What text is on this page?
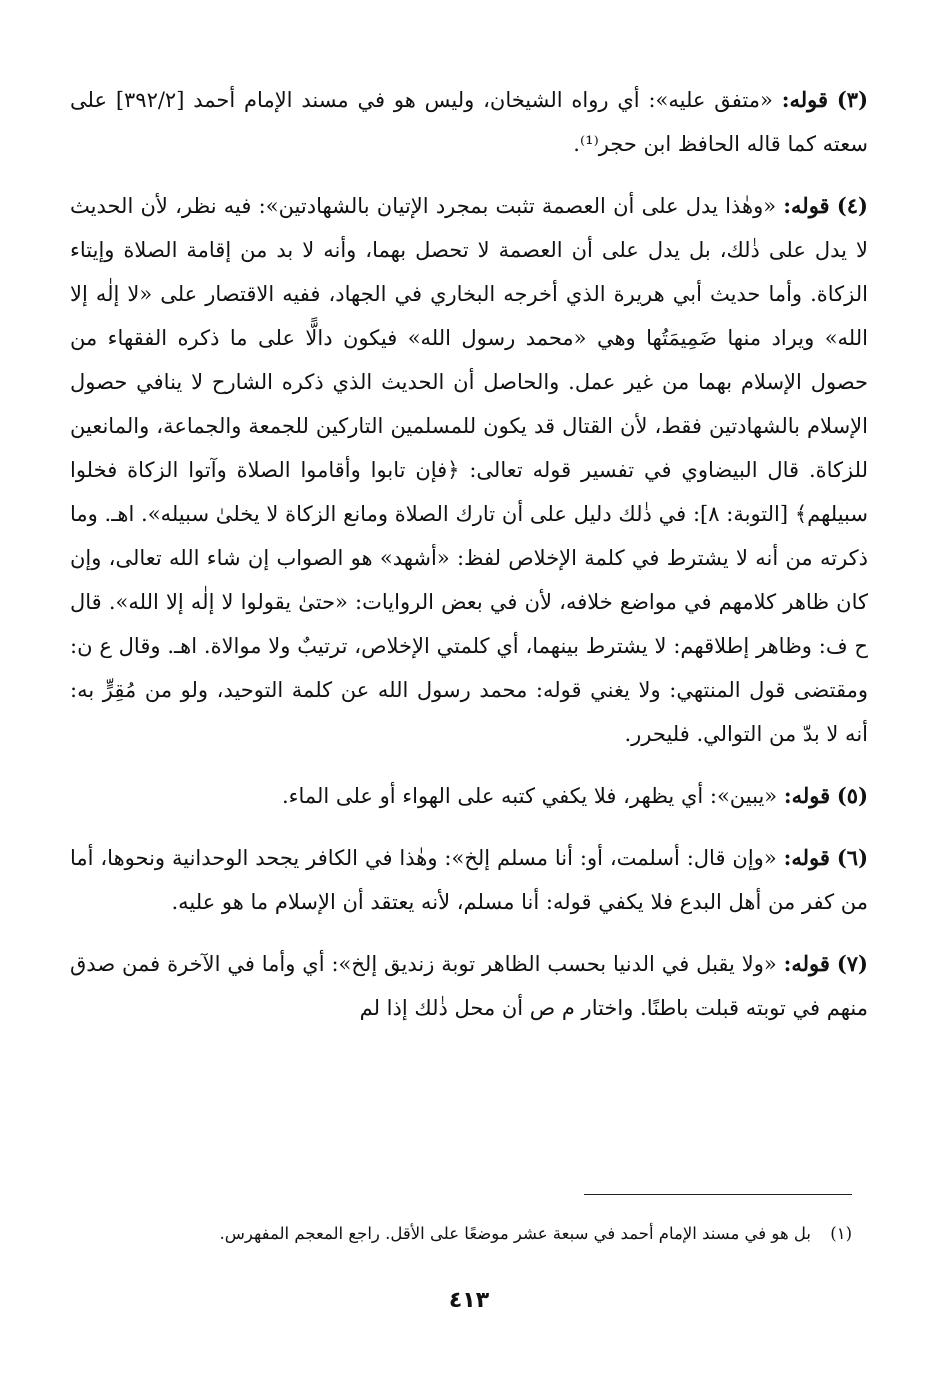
(٣) قوله: «متفق عليه»: أي رواه الشيخان، وليس هو في مسند الإمام أحمد [٣٩٢/٢] على سعته كما قاله الحافظ ابن حجر⁽¹⁾.

(٤) قوله: «وهٰذا يدل على أن العصمة تثبت بمجرد الإتيان بالشهادتين»: فيه نظر، لأن الحديث لا يدل على ذٰلك، بل يدل على أن العصمة لا تحصل بهما، وأنه لا بد من إقامة الصلاة وإيتاء الزكاة. وأما حديث أبي هريرة الذي أخرجه البخاري في الجهاد، ففيه الاقتصار على «لا إلٰه إلا الله» ويراد منها ضَمِيمَتُها وهي «محمد رسول الله» فيكون دالًّا على ما ذكره الفقهاء من حصول الإسلام بهما من غير عمل. والحاصل أن الحديث الذي ذكره الشارح لا ينافي حصول الإسلام بالشهادتين فقط، لأن القتال قد يكون للمسلمين التاركين للجمعة والجماعة، والمانعين للزكاة. قال البيضاوي في تفسير قوله تعالى: ﴿فإن تابوا وأقاموا الصلاة وآتوا الزكاة فخلوا سبيلهم﴾ [التوبة: ٨]: في ذٰلك دليل على أن تارك الصلاة ومانع الزكاة لا يخلىٰ سبيله». اهـ. وما ذكرته من أنه لا يشترط في كلمة الإخلاص لفظ: «أشهد» هو الصواب إن شاء الله تعالى، وإن كان ظاهر كلامهم في مواضع خلافه، لأن في بعض الروايات: «حتىٰ يقولوا لا إلٰه إلا الله». قال ح ف: وظاهر إطلاقهم: لا يشترط بينهما، أي كلمتي الإخلاص، ترتيبٌ ولا موالاة. اهـ. وقال ع ن: ومقتضى قول المنتهي: ولا يغني قوله: محمد رسول الله عن كلمة التوحيد، ولو من مُقِرٍّ به: أنه لا بدّ من التوالي. فليحرر.

(٥) قوله: «يبين»: أي يظهر، فلا يكفي كتبه على الهواء أو على الماء.

(٦) قوله: «وإن قال: أسلمت، أو: أنا مسلم إلخ»: وهٰذا في الكافر يجحد الوحدانية ونحوها، أما من كفر من أهل البدع فلا يكفي قوله: أنا مسلم، لأنه يعتقد أن الإسلام ما هو عليه.

(٧) قوله: «ولا يقبل في الدنيا بحسب الظاهر توبة زنديق إلخ»: أي وأما في الآخرة فمن صدق منهم في توبته قبلت باطنًا. واختار م ص أن محل ذٰلك إذا لم

(١) بل هو في مسند الإمام أحمد في سبعة عشر موضعًا على الأقل. راجع المعجم المفهرس.
٤١٣
